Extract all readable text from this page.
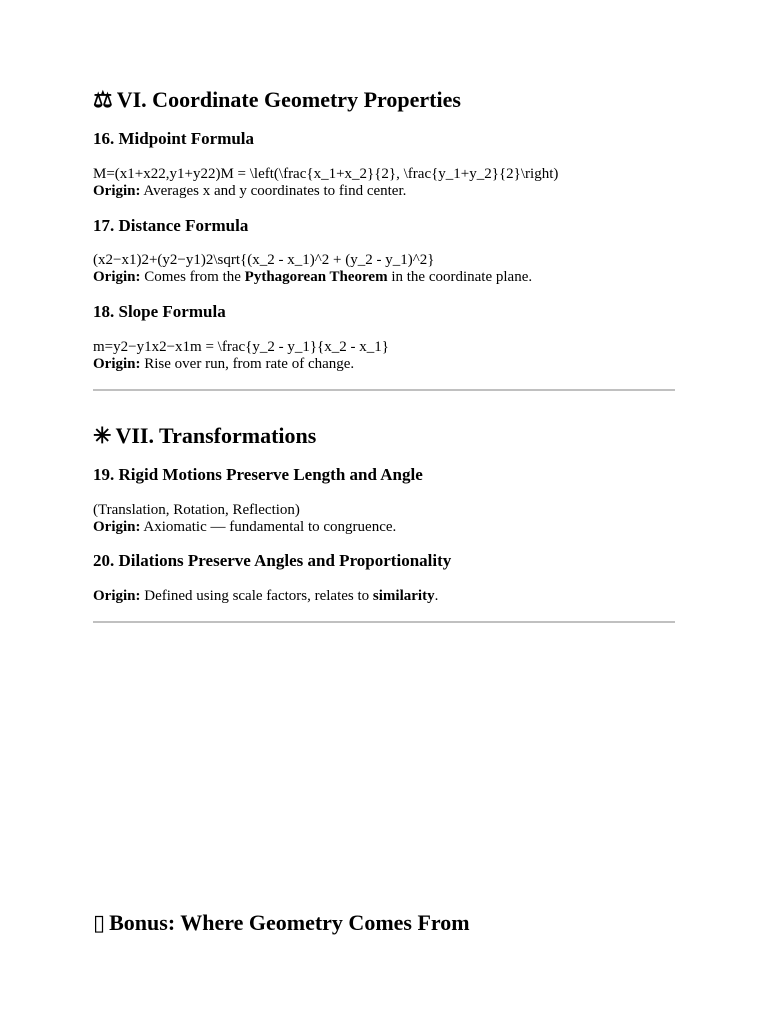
⚖ VI. Coordinate Geometry Properties
16. Midpoint Formula

M=(x1+x22,y1+y22)M = \left(\frac{x_1+x_2}{2}, \frac{y_1+y_2}{2}\right)

Origin: Averages x and y coordinates to find center.

17. Distance Formula

(x2−x1)2+(y2−y1)2\sqrt{(x_2 - x_1)^2 + (y_2 - y_1)^2}

Origin: Comes from the Pythagorean Theorem in the coordinate plane.

18. Slope Formula

m=y2−y1x2−x1m = \frac{y_2 - y_1}{x_2 - x_1}

Origin: Rise over run, from rate of change.

✳ VII. Transformations
19. Rigid Motions Preserve Length and Angle

(Translation, Rotation, Reflection)

Origin: Axiomatic — fundamental to congruence.

20. Dilations Preserve Angles and Proportionality

Origin: Defined using scale factors, relates to similarity.

▯ Bonus: Where Geometry Comes From
